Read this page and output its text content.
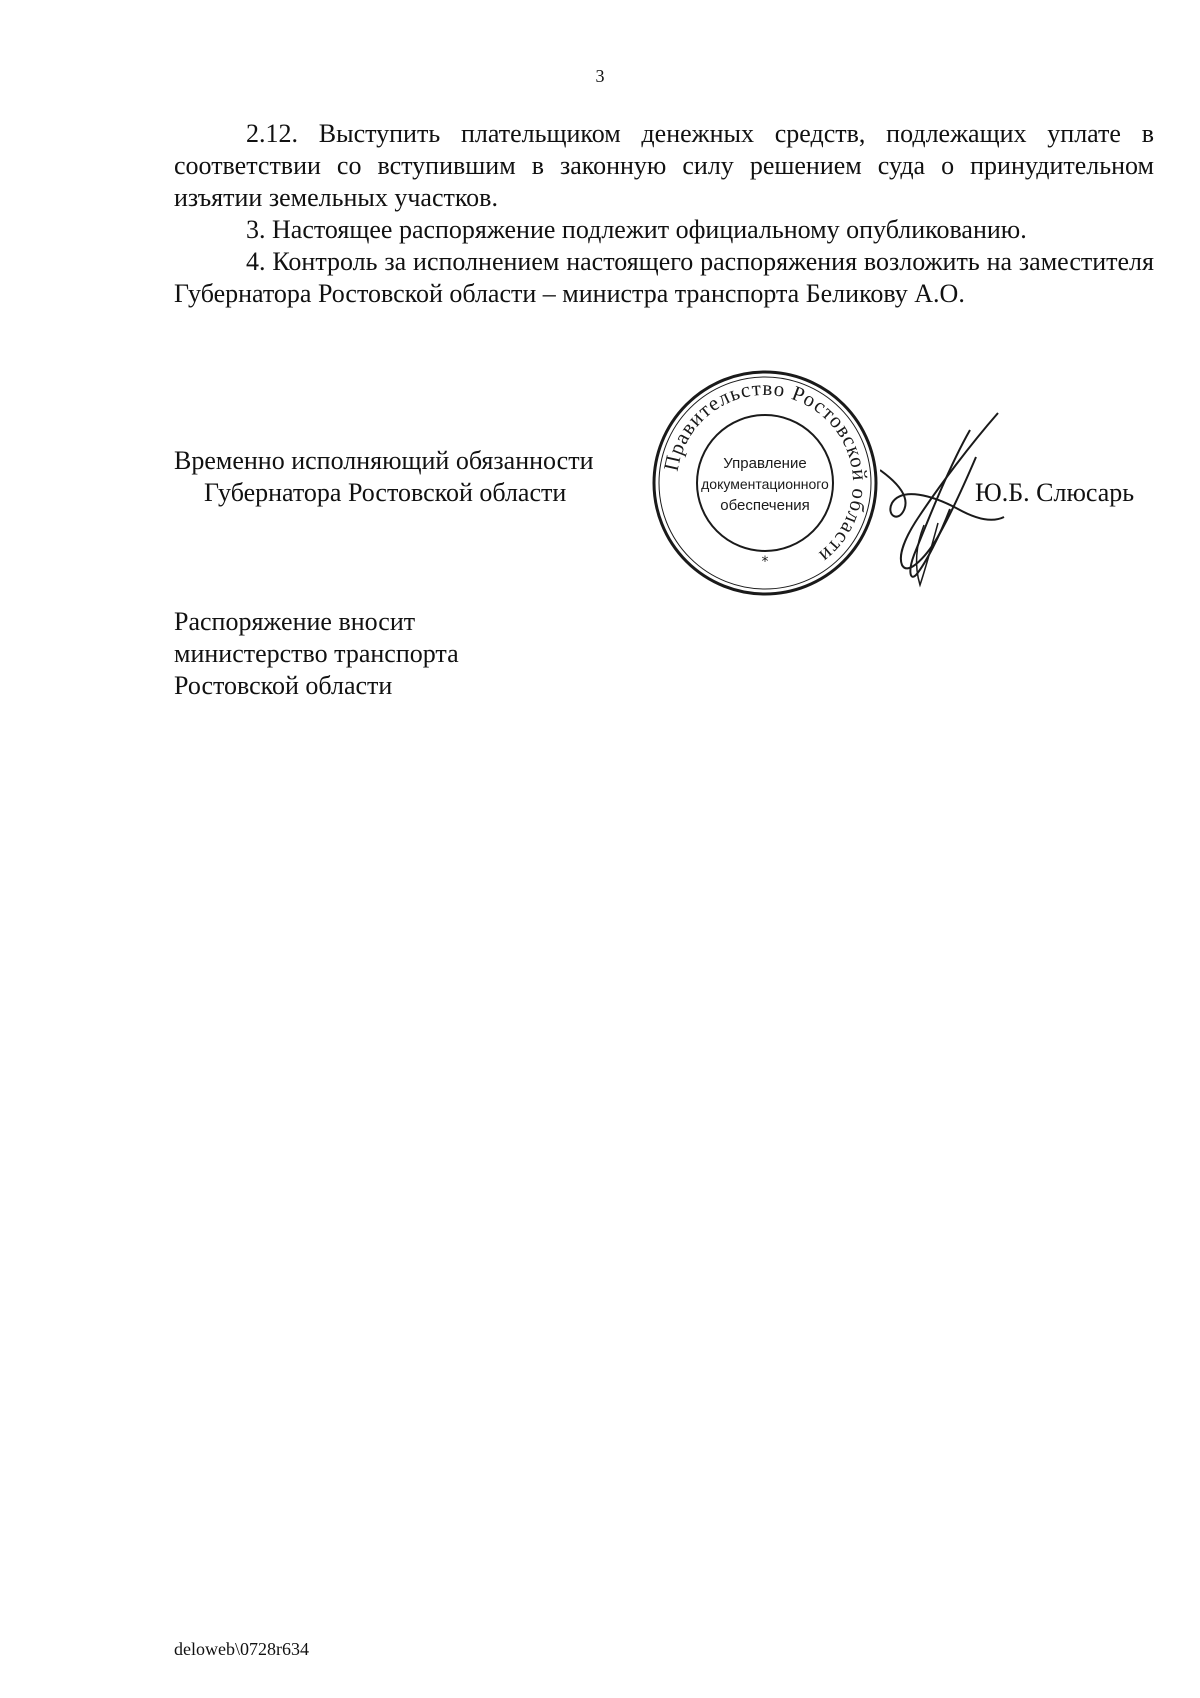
3

2.12. Выступить плательщиком денежных средств, подлежащих уплате в соответствии со вступившим в законную силу решением суда о принудительном изъятии земельных участков.

3. Настоящее распоряжение подлежит официальному опубликованию.

4. Контроль за исполнением настоящего распоряжения возложить на заместителя Губернатора Ростовской области – министра транспорта Беликову А.О.

Временно исполняющий обязанности
Губернатора Ростовской области
Правительство Ростовской области
Управление
документационного
обеспечения
*
Ю.Б. Слюсарь
Распоряжение вносит
министерство транспорта
Ростовской области
deloweb\0728r634
